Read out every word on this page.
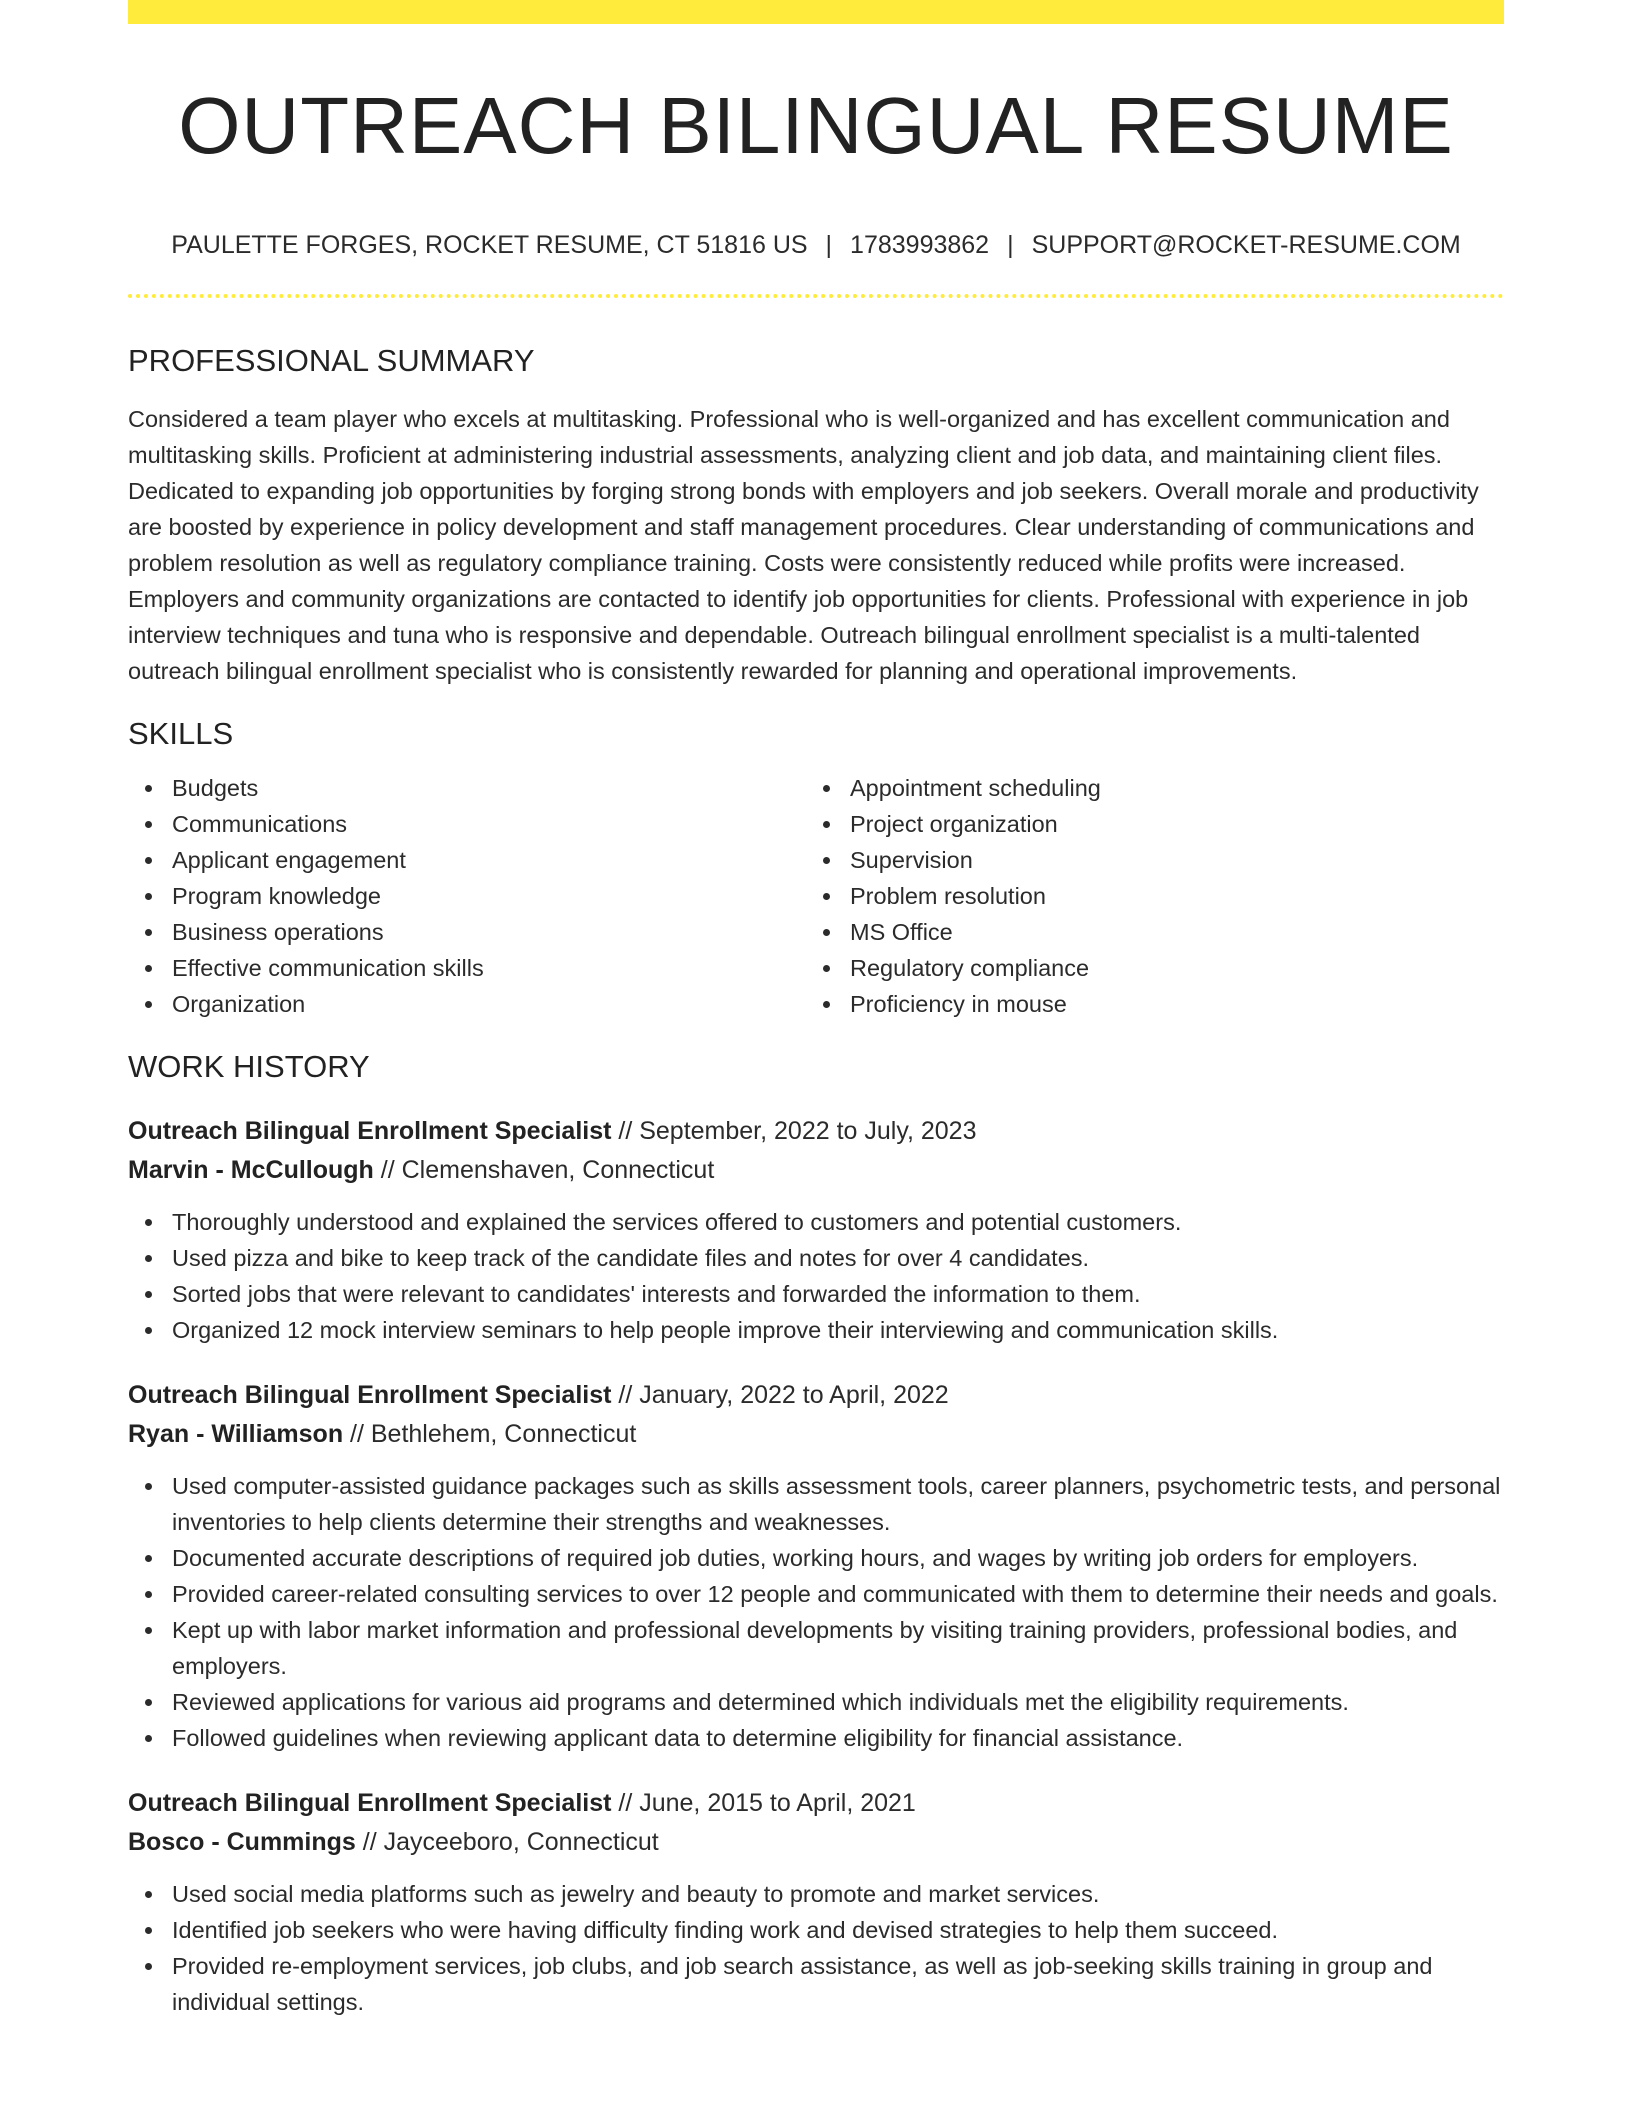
OUTREACH BILINGUAL RESUME
PAULETTE FORGES, ROCKET RESUME, CT 51816 US | 1783993862 | SUPPORT@ROCKET-RESUME.COM
PROFESSIONAL SUMMARY

Considered a team player who excels at multitasking. Professional who is well-organized and has excellent communication and multitasking skills. Proficient at administering industrial assessments, analyzing client and job data, and maintaining client files. Dedicated to expanding job opportunities by forging strong bonds with employers and job seekers. Overall morale and productivity are boosted by experience in policy development and staff management procedures. Clear understanding of communications and problem resolution as well as regulatory compliance training. Costs were consistently reduced while profits were increased. Employers and community organizations are contacted to identify job opportunities for clients. Professional with experience in job interview techniques and tuna who is responsive and dependable. Outreach bilingual enrollment specialist is a multi-talented outreach bilingual enrollment specialist who is consistently rewarded for planning and operational improvements.

SKILLS
Budgets
Communications
Applicant engagement
Program knowledge
Business operations
Effective communication skills
Organization
Appointment scheduling
Project organization
Supervision
Problem resolution
MS Office
Regulatory compliance
Proficiency in mouse
WORK HISTORY
Outreach Bilingual Enrollment Specialist // September, 2022 to July, 2023
Marvin - McCullough // Clemenshaven, Connecticut
Thoroughly understood and explained the services offered to customers and potential customers.
Used pizza and bike to keep track of the candidate files and notes for over 4 candidates.
Sorted jobs that were relevant to candidates' interests and forwarded the information to them.
Organized 12 mock interview seminars to help people improve their interviewing and communication skills.
Outreach Bilingual Enrollment Specialist // January, 2022 to April, 2022
Ryan - Williamson // Bethlehem, Connecticut
Used computer-assisted guidance packages such as skills assessment tools, career planners, psychometric tests, and personal inventories to help clients determine their strengths and weaknesses.
Documented accurate descriptions of required job duties, working hours, and wages by writing job orders for employers.
Provided career-related consulting services to over 12 people and communicated with them to determine their needs and goals.
Kept up with labor market information and professional developments by visiting training providers, professional bodies, and employers.
Reviewed applications for various aid programs and determined which individuals met the eligibility requirements.
Followed guidelines when reviewing applicant data to determine eligibility for financial assistance.
Outreach Bilingual Enrollment Specialist // June, 2015 to April, 2021
Bosco - Cummings // Jayceeboro, Connecticut
Used social media platforms such as jewelry and beauty to promote and market services.
Identified job seekers who were having difficulty finding work and devised strategies to help them succeed.
Provided re-employment services, job clubs, and job search assistance, as well as job-seeking skills training in group and individual settings.
